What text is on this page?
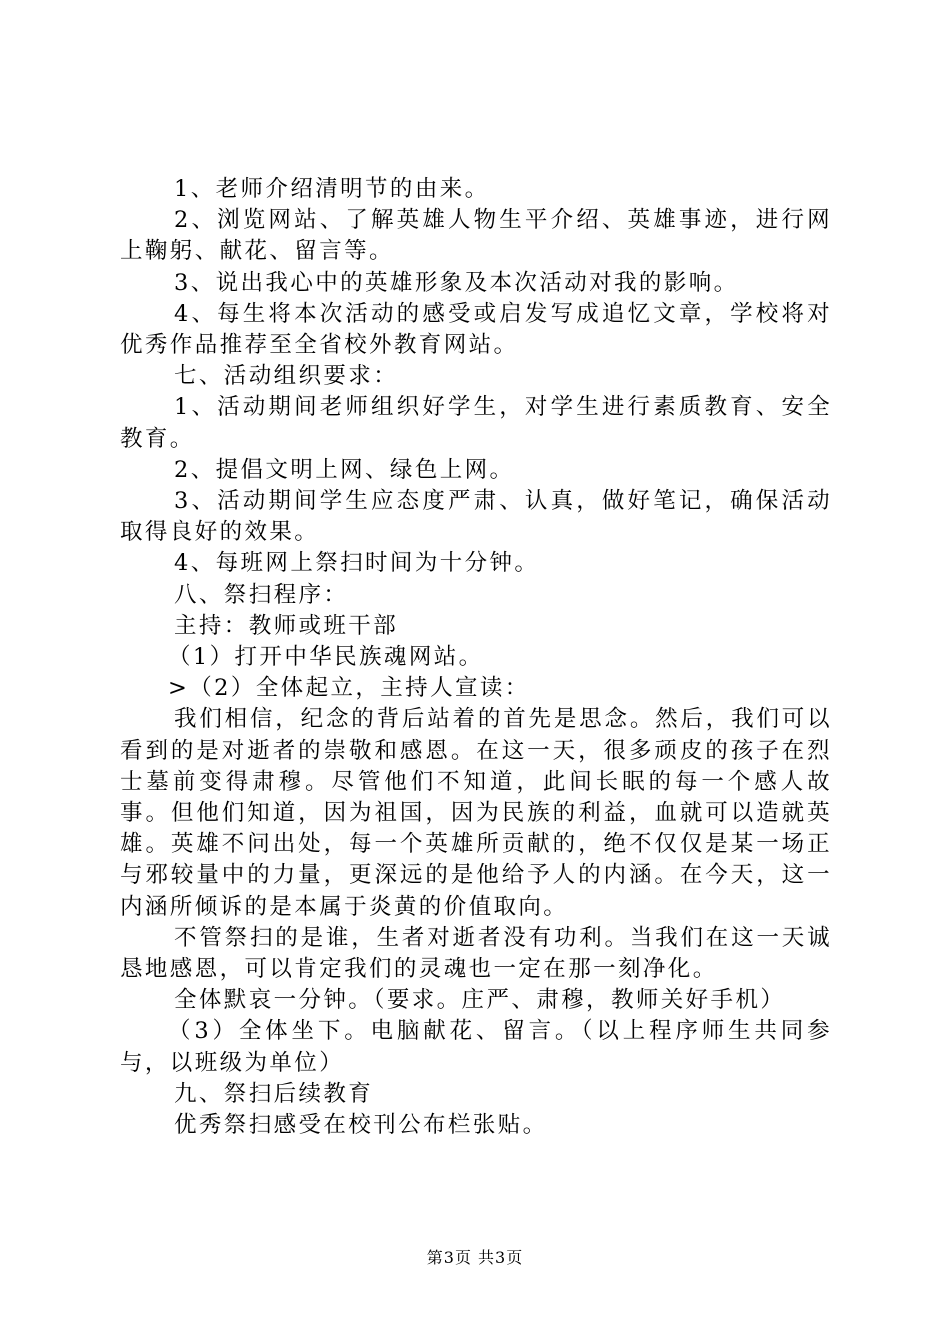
1、老师介绍清明节的由来。

2、浏览网站、了解英雄人物生平介绍、英雄事迹，进行网上鞠躬、献花、留言等。

3、说出我心中的英雄形象及本次活动对我的影响。

4、每生将本次活动的感受或启发写成追忆文章，学校将对优秀作品推荐至全省校外教育网站。

七、活动组织要求：

1、活动期间老师组织好学生，对学生进行素质教育、安全教育。

2、提倡文明上网、绿色上网。

3、活动期间学生应态度严肃、认真，做好笔记，确保活动取得良好的效果。

4、每班网上祭扫时间为十分钟。

八、祭扫程序：

主持：教师或班干部

（1）打开中华民族魂网站。

>（2）全体起立，主持人宣读：

我们相信，纪念的背后站着的首先是思念。然后，我们可以看到的是对逝者的崇敬和感恩。在这一天，很多顽皮的孩子在烈士墓前变得肃穆。尽管他们不知道，此间长眠的每一个感人故事。但他们知道，因为祖国，因为民族的利益，血就可以造就英雄。英雄不问出处，每一个英雄所贡献的，绝不仅仅是某一场正与邪较量中的力量，更深远的是他给予人的内涵。在今天，这一内涵所倾诉的是本属于炎黄的价值取向。

不管祭扫的是谁，生者对逝者没有功利。当我们在这一天诚恳地感恩，可以肯定我们的灵魂也一定在那一刻净化。

全体默哀一分钟。（要求。庄严、肃穆，教师关好手机）

（3）全体坐下。电脑献花、留言。（以上程序师生共同参与，以班级为单位）

九、祭扫后续教育

优秀祭扫感受在校刊公布栏张贴。

第3页 共3页
